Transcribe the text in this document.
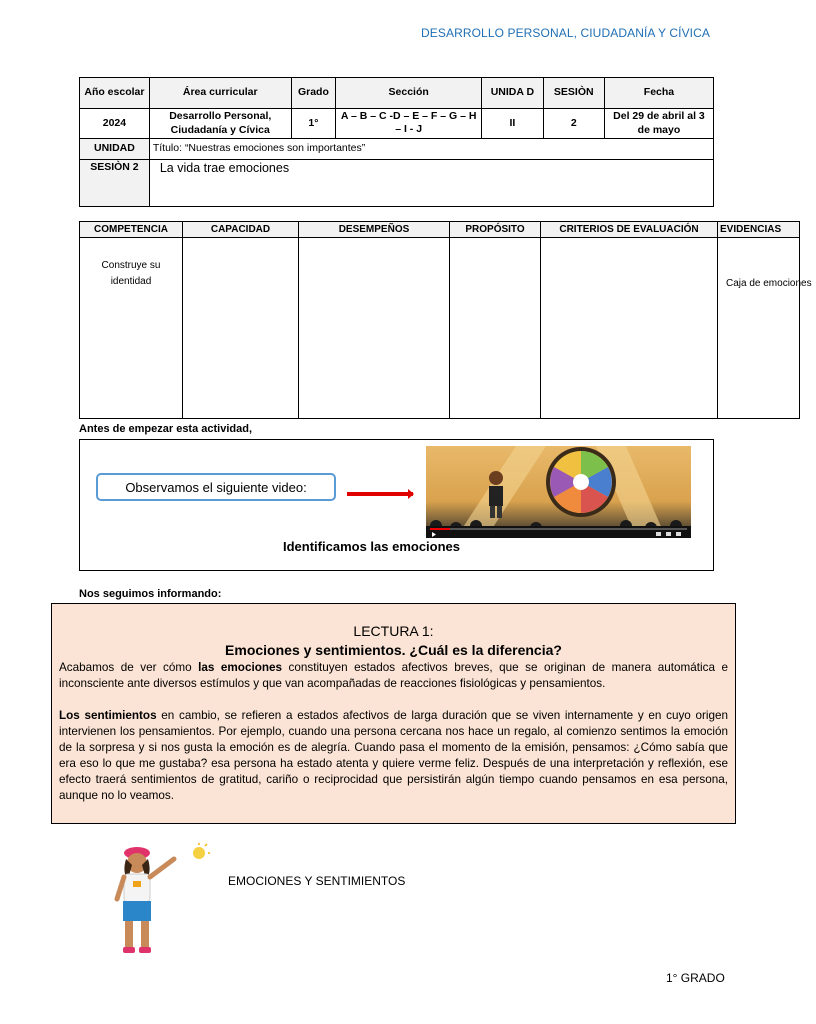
DESARROLLO PERSONAL, CIUDADANÍA Y CÍVICA
Año escolar	Área curricular	Grado	Sección	UNIDA D	SESIÒN	Fecha
2024	Desarrollo Personal, Ciudadanía y Cívica	1°	A – B – C -D – E – F – G – H – I - J	II	2	Del 29 de abril al 3 de mayo
UNIDAD	Título: “Nuestras emociones son importantes”					
SESIÒN 2	La vida trae emociones					
COMPETENCIA	CAPACIDAD	DESEMPEÑOS	PROPÓSITO	CRITERIOS DE EVALUACIÓN	EVIDENCIAS

Construye su identidad					Caja de emociones
Antes de empezar esta actividad,
Observamos el siguiente video:
Identificamos las emociones
Nos seguimos informando:
LECTURA 1:
Emociones y sentimientos. ¿Cuál es la diferencia?

Acabamos de ver cómo las emociones constituyen estados afectivos breves, que se originan de manera automática e inconsciente ante diversos estímulos y que van acompañadas de reacciones fisiológicas y pensamientos.

Los sentimientos en cambio, se refieren a estados afectivos de larga duración que se viven internamente y en cuyo origen intervienen los pensamientos. Por ejemplo, cuando una persona cercana nos hace un regalo, al comienzo sentimos la emoción de la sorpresa y si nos gusta la emoción es de alegría. Cuando pasa el momento de la emisión, pensamos: ¿Cómo sabía que era eso lo que me gustaba? esa persona ha estado atenta y quiere verme feliz. Después de una interpretación y reflexión, ese efecto traerá sentimientos de gratitud, cariño o reciprocidad que persistirán algún tiempo cuando pensamos en esa persona, aunque no lo veamos.

EMOCIONES Y SENTIMIENTOS
1° GRADO
